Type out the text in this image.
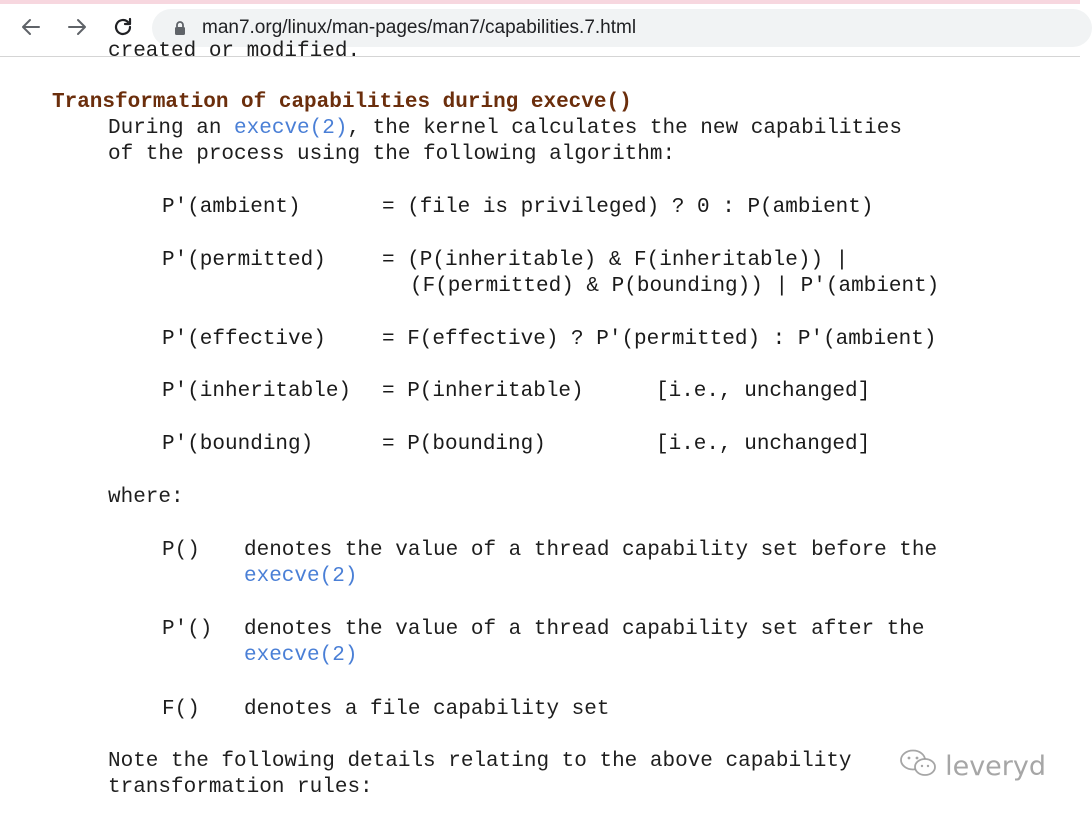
man7.org/linux/man-pages/man7/capabilities.7.html
created or modified.
Transformation of capabilities during execve()
During an execve(2), the kernel calculates the new capabilities
of the process using the following algorithm:
P'(ambient)	= (file is privileged) ? 0 : P(ambient)
P'(permitted)	= (P(inheritable) & F(inheritable)) |
(F(permitted) & P(bounding)) | P'(ambient)
P'(effective)	= F(effective) ? P'(permitted) : P'(ambient)
P'(inheritable) = P(inheritable)	[i.e., unchanged]
P'(bounding)	= P(bounding)	[i.e., unchanged]
where:
P() denotes the value of a thread capability set before the
execve(2)
P'() denotes the value of a thread capability set after the
execve(2)
F() denotes a file capability set
Note the following details relating to the above capability
transformation rules:
leveryd
